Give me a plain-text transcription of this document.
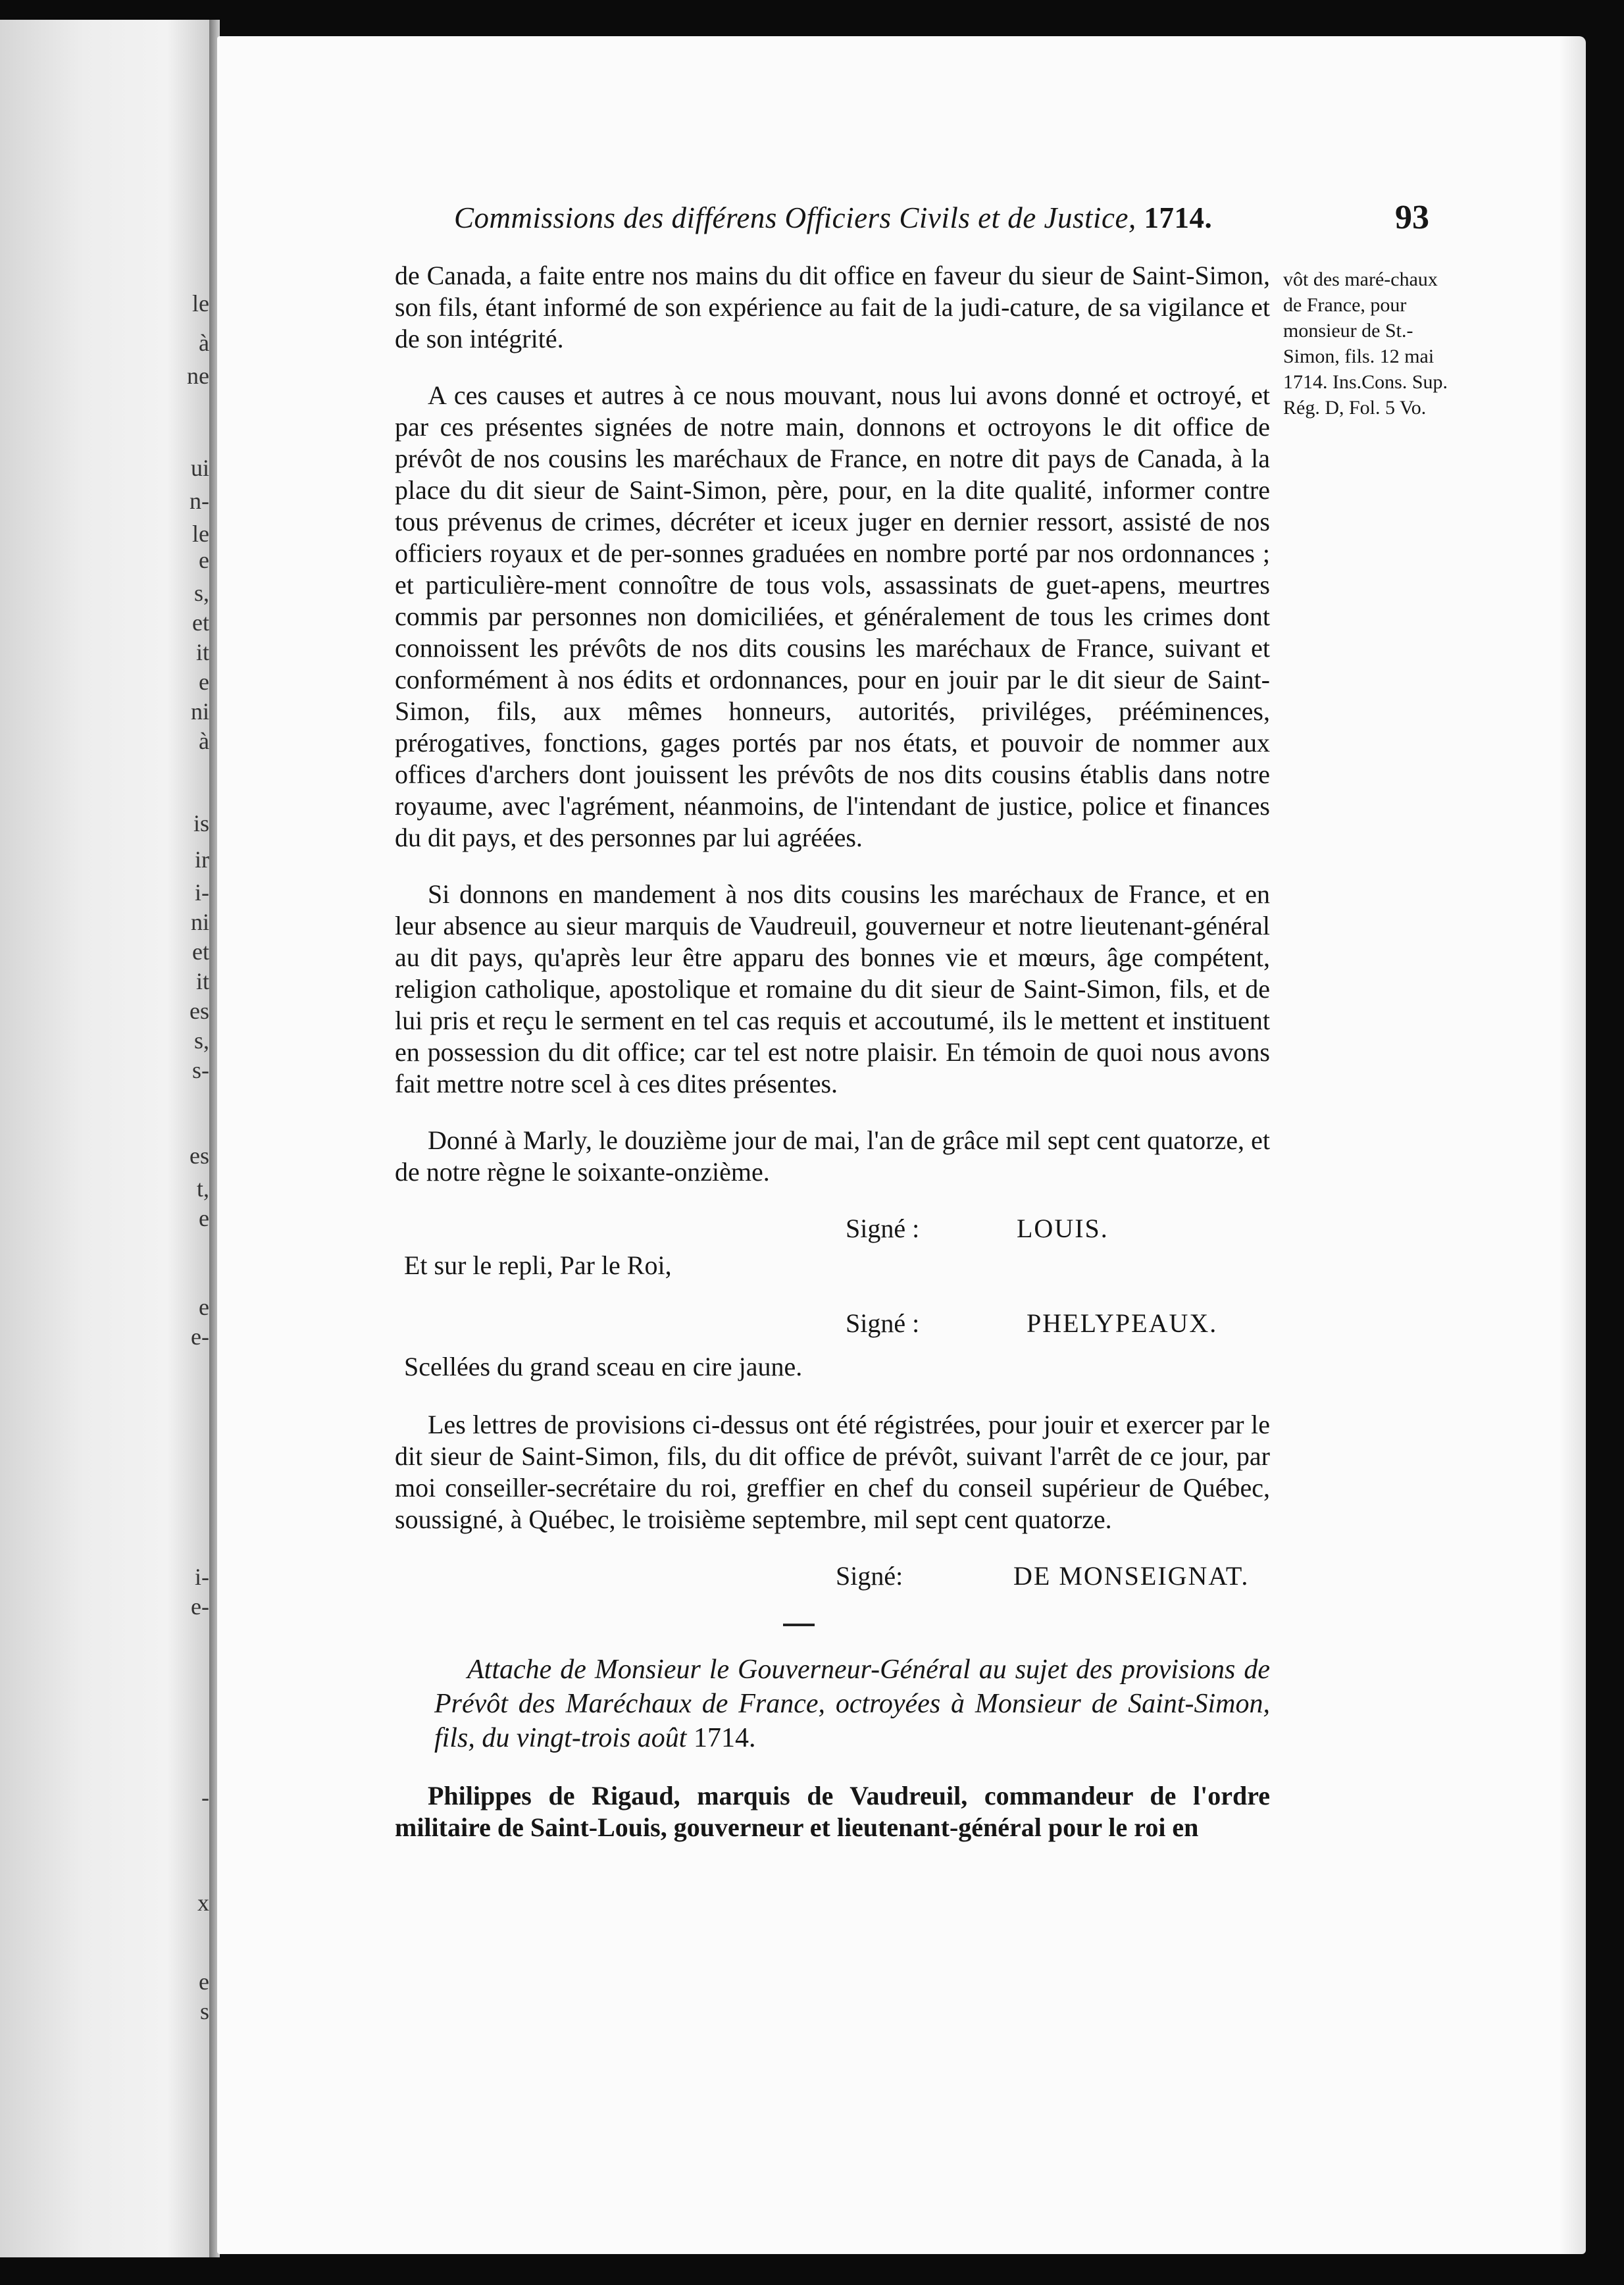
le
à
ne
ui
n-
le
e
s,
et
it
e
ni
à
is
ir
i-
ni
et
it
es
s,
s-
es
t,
e
e
e-
i-
e-
-
x
e
s
Commissions des différens Officiers Civils et de Justice, 1714.	93
vôt des maré-chaux de France, pour monsieur de St.-Simon, fils. 12 mai 1714. Ins.Cons. Sup. Rég. D, Fol. 5 Vo.

de Canada, a faite entre nos mains du dit office en faveur du sieur de Saint-Simon, son fils, étant informé de son expérience au fait de la judi-cature, de sa vigilance et de son intégrité.

A ces causes et autres à ce nous mouvant, nous lui avons donné et octroyé, et par ces présentes signées de notre main, donnons et octroyons le dit office de prévôt de nos cousins les maréchaux de France, en notre dit pays de Canada, à la place du dit sieur de Saint-Simon, père, pour, en la dite qualité, informer contre tous prévenus de crimes, décréter et iceux juger en dernier ressort, assisté de nos officiers royaux et de per-sonnes graduées en nombre porté par nos ordonnances ; et particulière-ment connoître de tous vols, assassinats de guet-apens, meurtres commis par personnes non domiciliées, et généralement de tous les crimes dont connoissent les prévôts de nos dits cousins les maréchaux de France, suivant et conformément à nos édits et ordonnances, pour en jouir par le dit sieur de Saint-Simon, fils, aux mêmes honneurs, autorités, priviléges, prééminences, prérogatives, fonctions, gages portés par nos états, et pouvoir de nommer aux offices d'archers dont jouissent les prévôts de nos dits cousins établis dans notre royaume, avec l'agrément, néanmoins, de l'intendant de justice, police et finances du dit pays, et des personnes par lui agréées.

Si donnons en mandement à nos dits cousins les maréchaux de France, et en leur absence au sieur marquis de Vaudreuil, gouverneur et notre lieutenant-général au dit pays, qu'après leur être apparu des bonnes vie et mœurs, âge compétent, religion catholique, apostolique et romaine du dit sieur de Saint-Simon, fils, et de lui pris et reçu le serment en tel cas requis et accoutumé, ils le mettent et instituent en possession du dit office; car tel est notre plaisir. En témoin de quoi nous avons fait mettre notre scel à ces dites présentes.

Donné à Marly, le douzième jour de mai, l'an de grâce mil sept cent quatorze, et de notre règne le soixante-onzième.

Signé :	LOUIS.

Et sur le repli, Par le Roi,

Signé :	PHELYPEAUX.

Scellées du grand sceau en cire jaune.

Les lettres de provisions ci-dessus ont été régistrées, pour jouir et exercer par le dit sieur de Saint-Simon, fils, du dit office de prévôt, suivant l'arrêt de ce jour, par moi conseiller-secrétaire du roi, greffier en chef du conseil supérieur de Québec, soussigné, à Québec, le troisième septembre, mil sept cent quatorze.

Signé:	DE MONSEIGNAT.

Attache de Monsieur le Gouverneur-Général au sujet des provisions de Prévôt des Maréchaux de France, octroyées à Monsieur de Saint-Simon, fils, du vingt-trois août 1714.

Philippes de Rigaud, marquis de Vaudreuil, commandeur de l'ordre militaire de Saint-Louis, gouverneur et lieutenant-général pour le roi en
